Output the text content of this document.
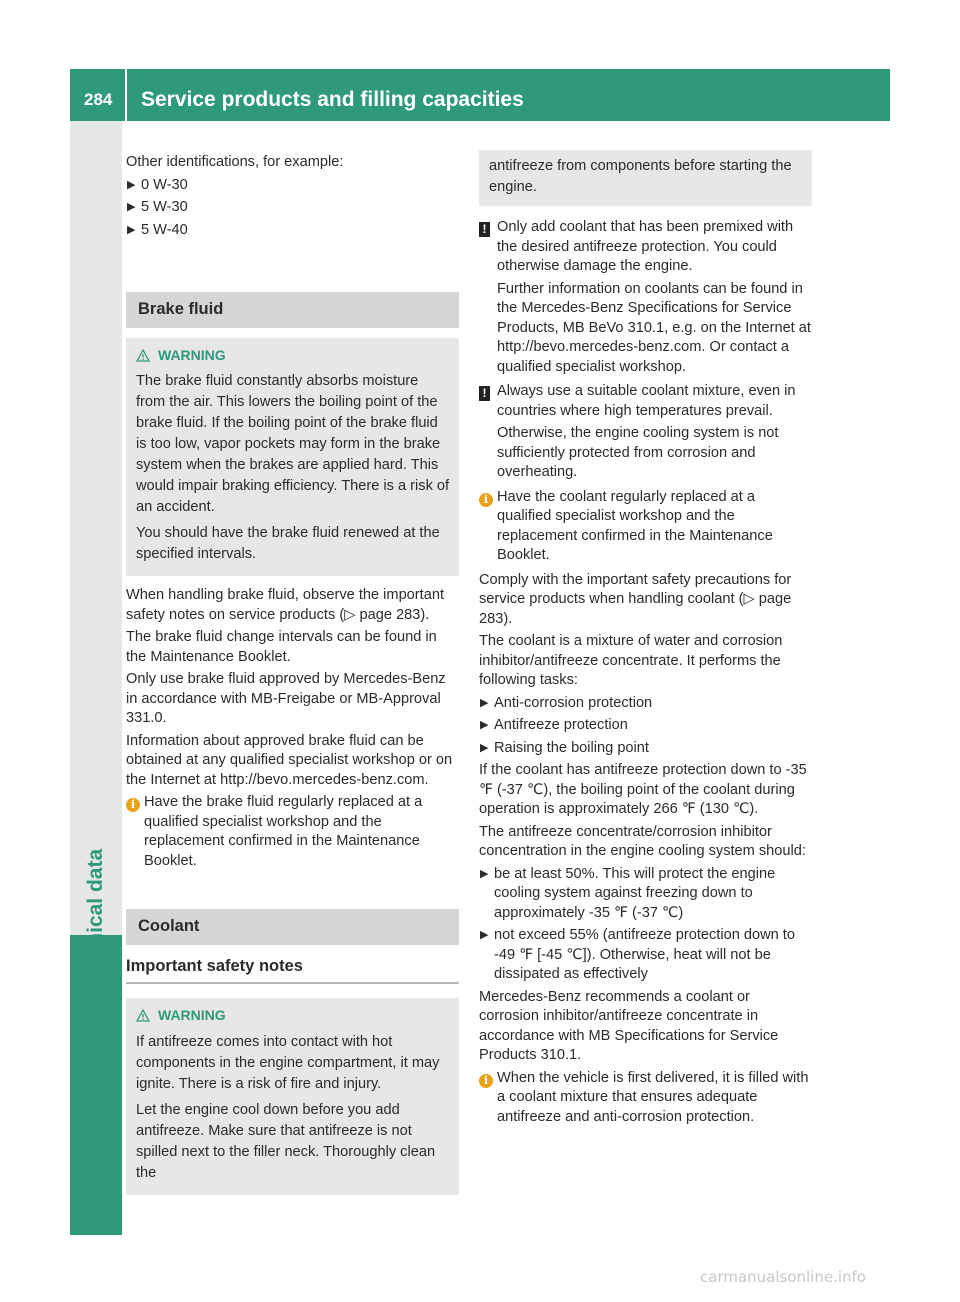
284 Service products and filling capacities
Technical data

Other identifications, for example:

▶ 0 W-30
▶ 5 W-30
▶ 5 W-40
Brake fluid
WARNING

The brake fluid constantly absorbs moisture from the air. This lowers the boiling point of the brake fluid. If the boiling point of the brake fluid is too low, vapor pockets may form in the brake system when the brakes are applied hard. This would impair braking efficiency. There is a risk of an accident.

You should have the brake fluid renewed at the specified intervals.

When handling brake fluid, observe the important safety notes on service products (▷ page 283).

The brake fluid change intervals can be found in the Maintenance Booklet.

Only use brake fluid approved by Mercedes-Benz in accordance with MB-Freigabe or MB-Approval 331.0.

Information about approved brake fluid can be obtained at any qualified specialist workshop or on the Internet at http://bevo.mercedes-benz.com.

i Have the brake fluid regularly replaced at a qualified specialist workshop and the replacement confirmed in the Maintenance Booklet.
Coolant
Important safety notes
WARNING

If antifreeze comes into contact with hot components in the engine compartment, it may ignite. There is a risk of fire and injury.

Let the engine cool down before you add antifreeze. Make sure that antifreeze is not spilled next to the filler neck. Thoroughly clean the

antifreeze from components before starting the engine.
! Only add coolant that has been premixed with the desired antifreeze protection. You could otherwise damage the engine.

Further information on coolants can be found in the Mercedes-Benz Specifications for Service Products, MB BeVo 310.1, e.g. on the Internet at http://bevo.mercedes-benz.com. Or contact a qualified specialist workshop.

! Always use a suitable coolant mixture, even in countries where high temperatures prevail.

Otherwise, the engine cooling system is not sufficiently protected from corrosion and overheating.

i Have the coolant regularly replaced at a qualified specialist workshop and the replacement confirmed in the Maintenance Booklet.

Comply with the important safety precautions for service products when handling coolant (▷ page 283).

The coolant is a mixture of water and corrosion inhibitor/antifreeze concentrate. It performs the following tasks:

▶ Anti-corrosion protection
▶ Antifreeze protection
▶ Raising the boiling point

If the coolant has antifreeze protection down to -35 ℉ (-37 ℃), the boiling point of the coolant during operation is approximately 266 ℉ (130 ℃).

The antifreeze concentrate/corrosion inhibitor concentration in the engine cooling system should:

▶ be at least 50%. This will protect the engine cooling system against freezing down to approximately -35 ℉ (-37 ℃)
▶ not exceed 55% (antifreeze protection down to -49 ℉ [-45 ℃]). Otherwise, heat will not be dissipated as effectively

Mercedes-Benz recommends a coolant or corrosion inhibitor/antifreeze concentrate in accordance with MB Specifications for Service Products 310.1.

i When the vehicle is first delivered, it is filled with a coolant mixture that ensures adequate antifreeze and anti-corrosion protection.
carmanualsonline.info
